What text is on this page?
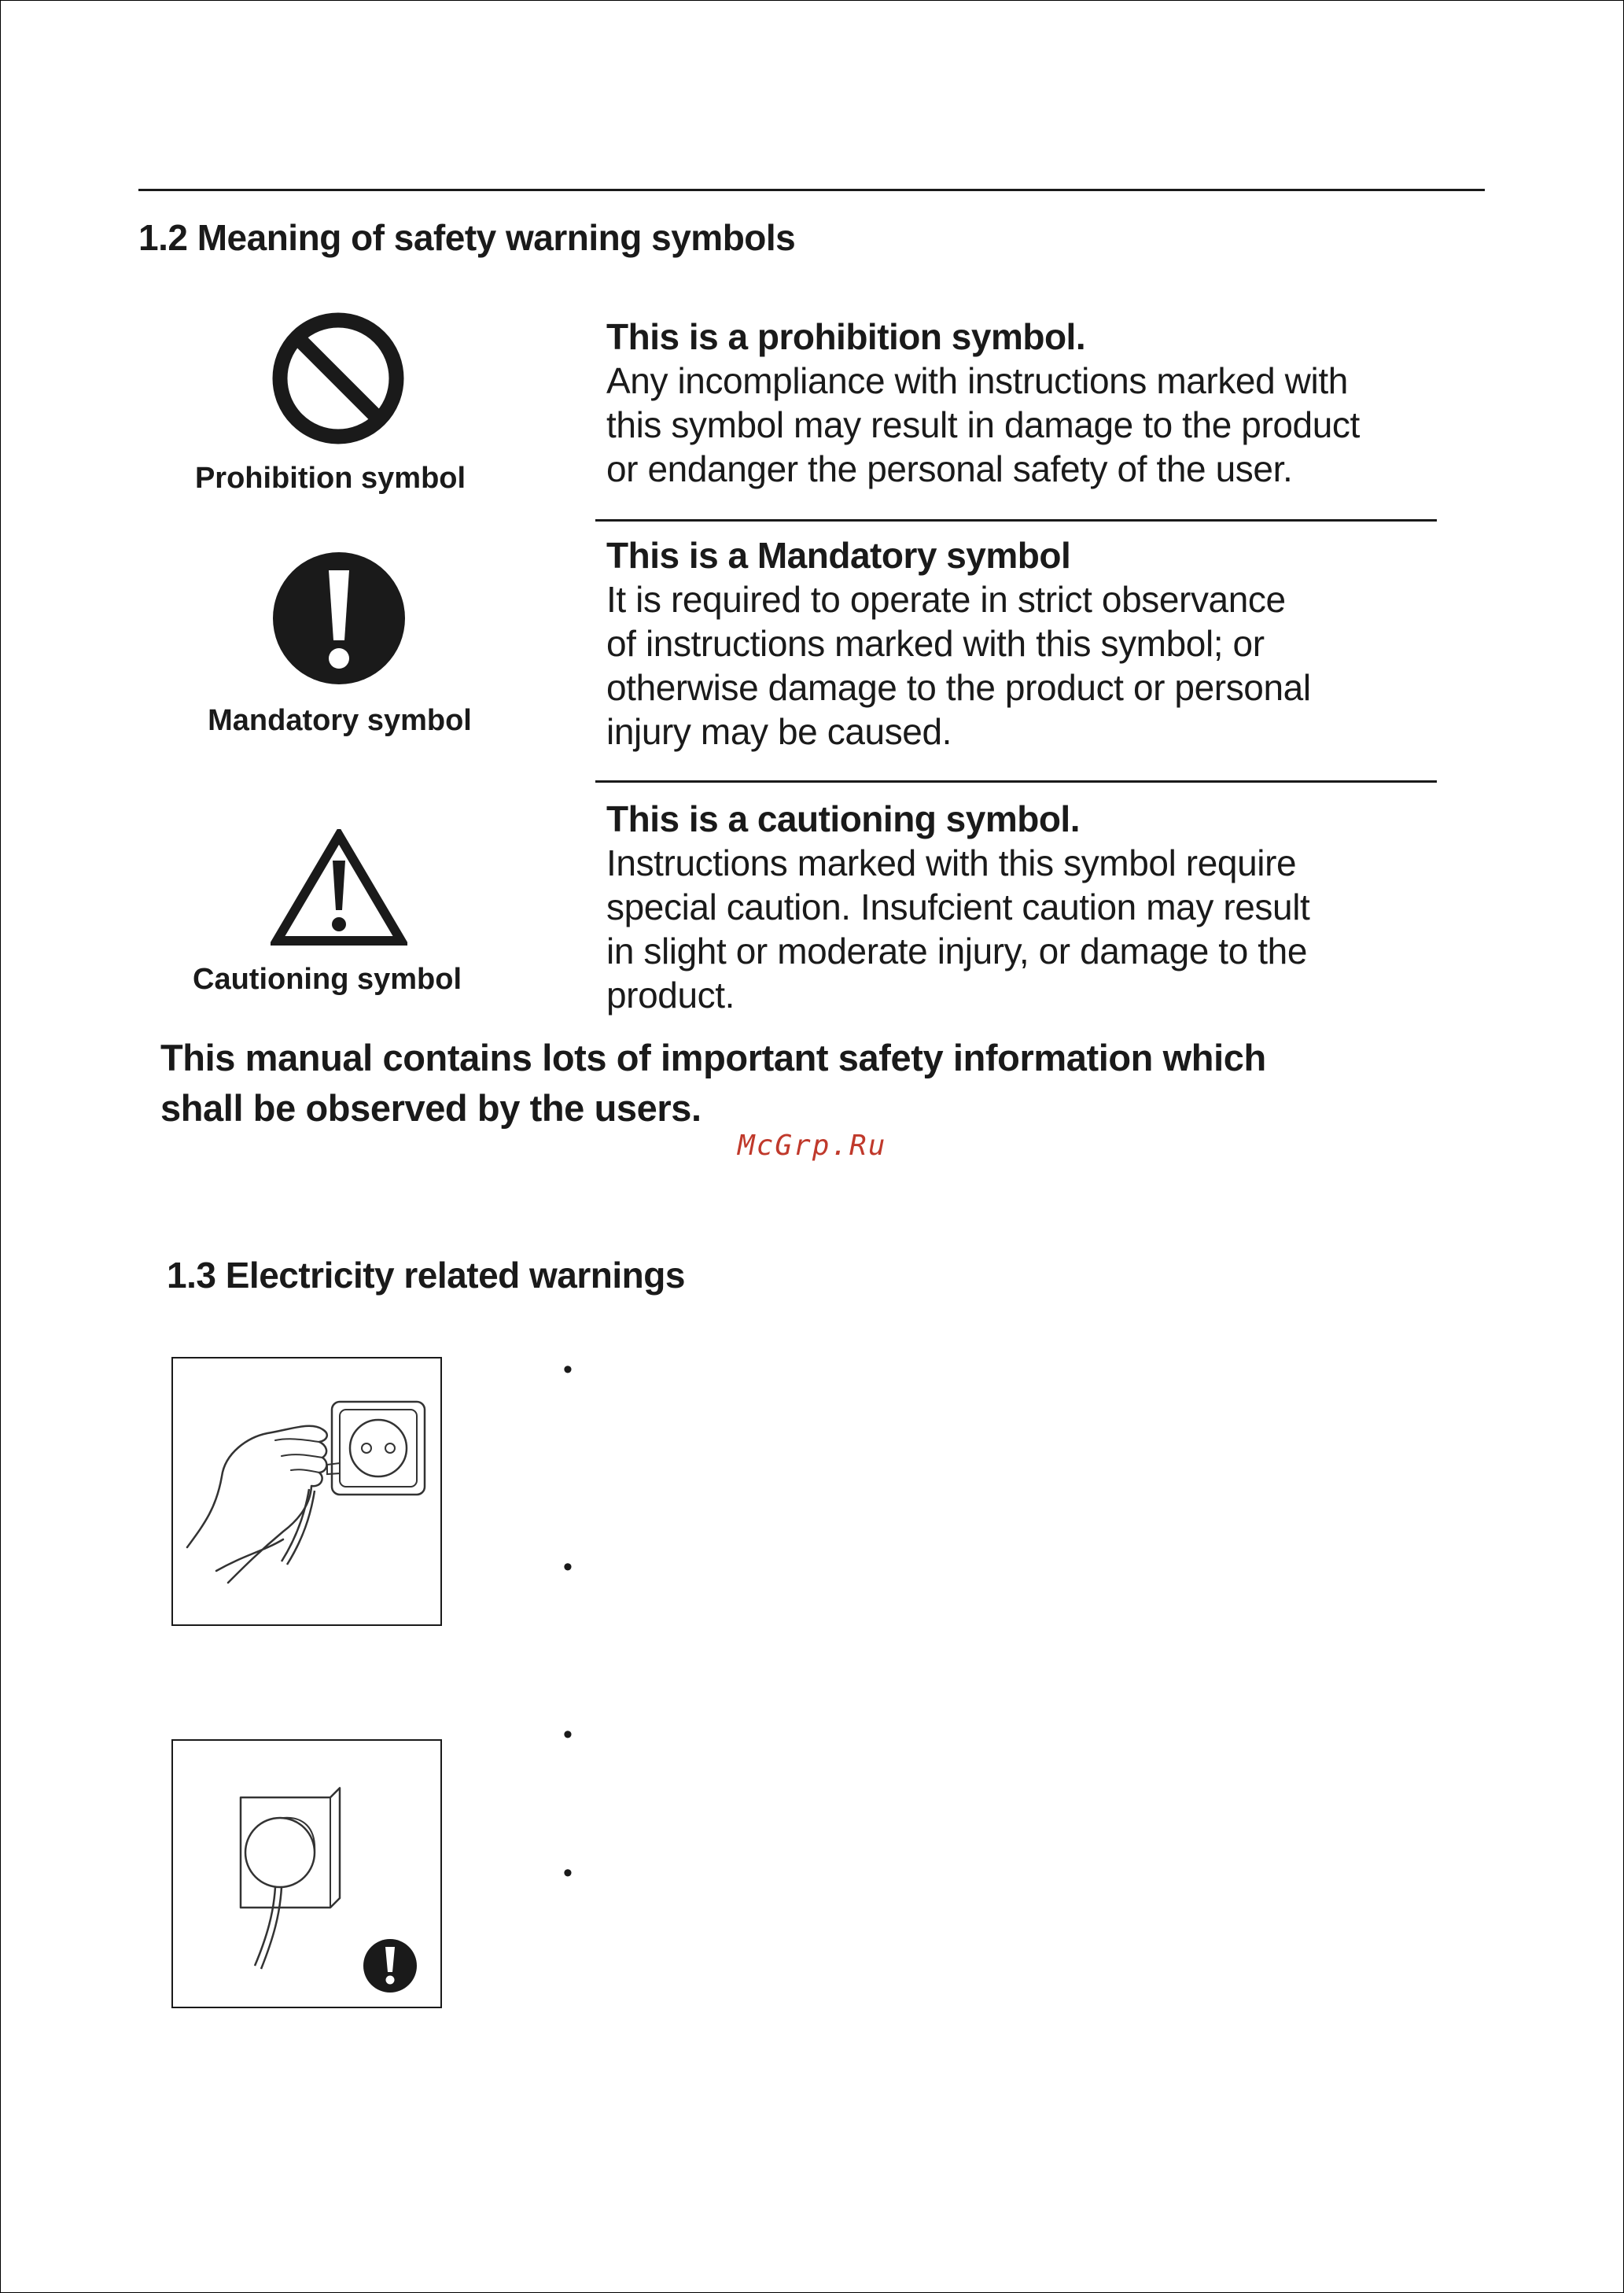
1.2 Meaning of safety warning symbols
Prohibition symbol
This is a prohibition symbol.
Any incompliance with instructions marked with
this symbol may result in damage to the product
or endanger the personal safety of the user.
Mandatory symbol
This is a Mandatory symbol
It is required to operate in strict observance
of instructions marked with this symbol; or
otherwise damage to the product or personal
injury may be caused.
Cautioning symbol
This is a cautioning symbol.
Instructions marked with this symbol require
special caution. Insufcient caution may result
in slight or moderate injury, or damage to the
product.
This manual contains lots of important safety information which
shall be observed by the users.
McGrp.Ru
1.3 Electricity related warnings
•
•
•
•
